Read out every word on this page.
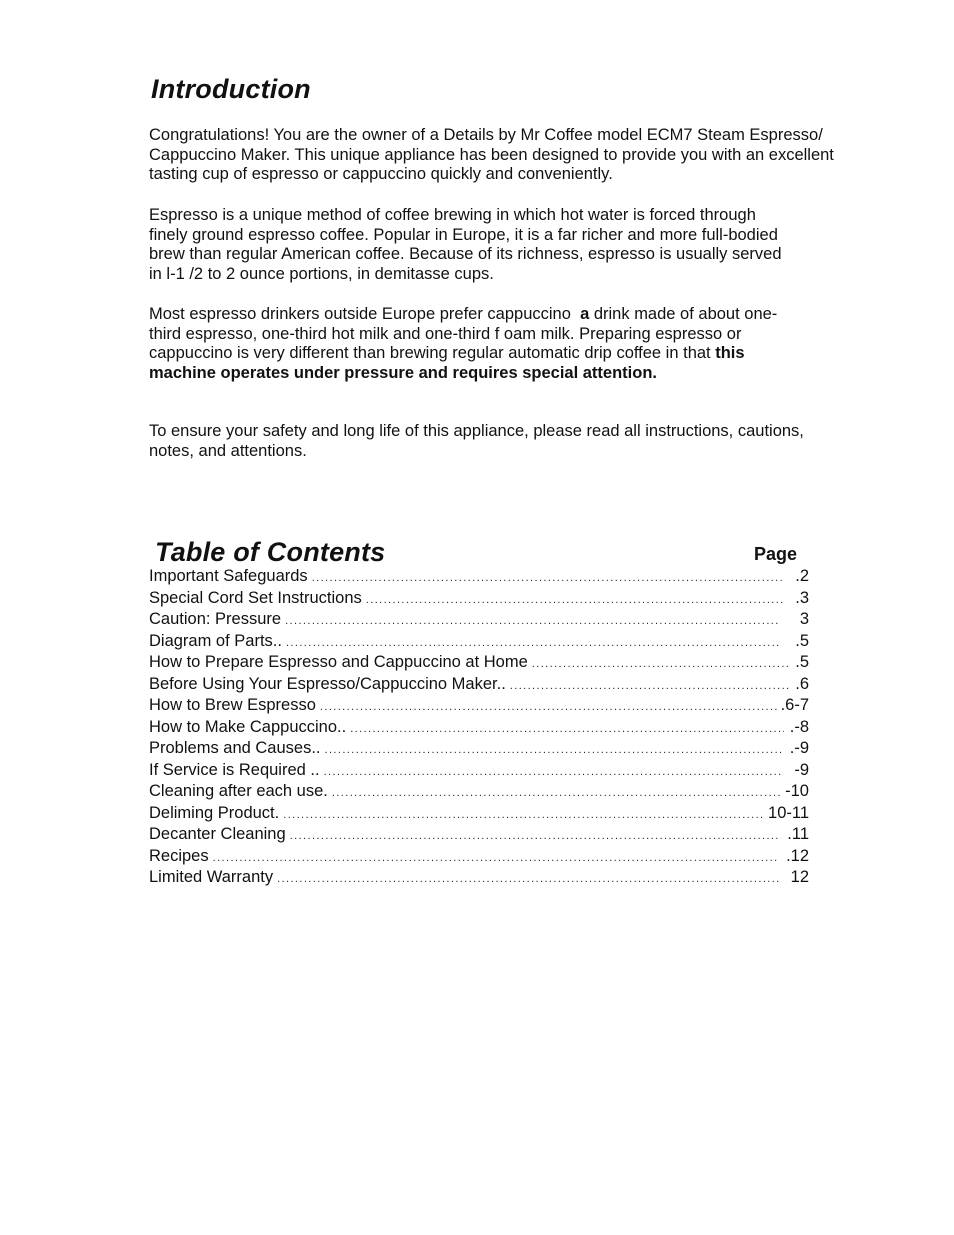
Introduction
Congratulations! You are the owner of a Details by Mr Coffee model ECM7 Steam Espresso/
Cappuccino Maker. This unique appliance has been designed to provide you with an excellent
tasting cup of espresso or cappuccino quickly and conveniently.
Espresso is a unique method of coffee brewing in which hot water is forced through
finely ground espresso coffee. Popular in Europe, it is a far richer and more full-bodied
brew than regular American coffee. Because of its richness, espresso is usually served
in l-1 /2 to 2 ounce portions, in demitasse cups.
Most espresso drinkers outside Europe prefer cappuccino a drink made of about one-
third espresso, one-third hot milk and one-third f oam milk. Preparing espresso or
cappuccino is very different than brewing regular automatic drip coffee in that this
machine operates under pressure and requires special attention.
To ensure your safety and long life of this appliance, please read all instructions, cautions,
notes, and attentions.
Table of Contents	Page
Important Safeguards .....	.2
Special Cord Set Instructions .....	.3
Caution: Pressure .....	3
Diagram of Parts.. .....	.5
How to Prepare Espresso and Cappuccino at Home .....	.5
Before Using Your Espresso/Cappuccino Maker.. .....	.6
How to Brew Espresso .....	.6-7
How to Make Cappuccino.. .....	.-8
Problems and Causes.. .....	.-9
If Service is Required .. .....	-9
Cleaning after each use. .....	-10
Deliming Product. .....	10-11
Decanter Cleaning .....	.11
Recipes .....	.12
Limited Warranty .....	12
